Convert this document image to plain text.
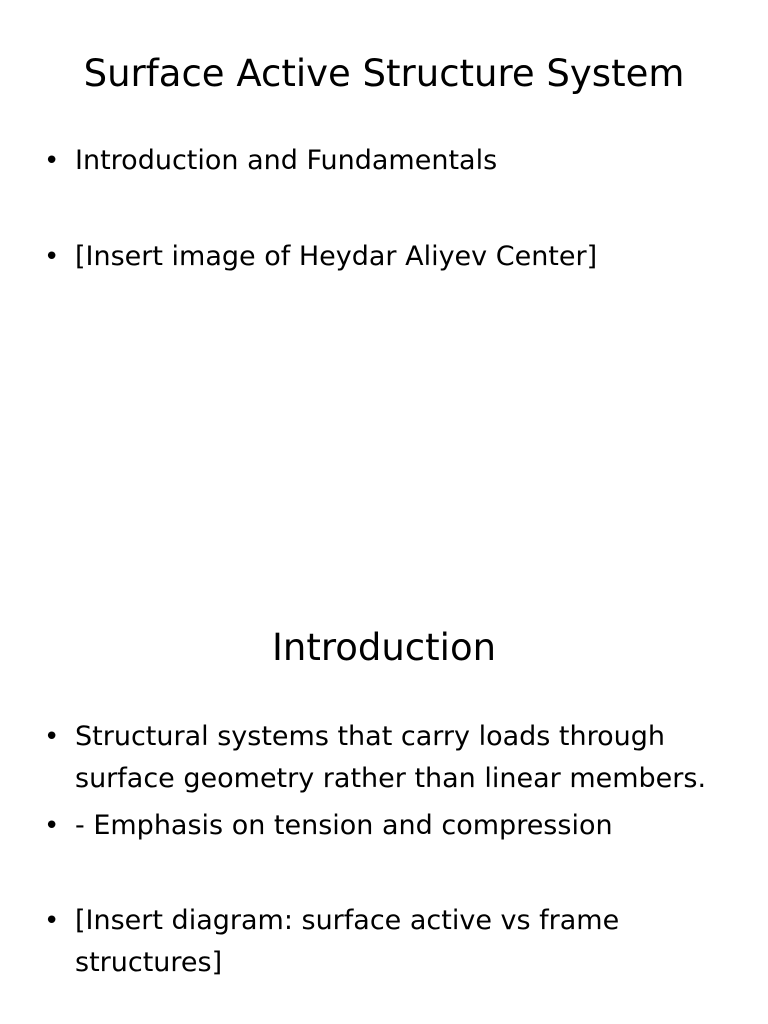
Surface Active Structure System
• Introduction and Fundamentals
• [Insert image of Heydar Aliyev Center]
Introduction
• Structural systems that carry loads through surface geometry rather than linear members.
• - Emphasis on tension and compression
• [Insert diagram: surface active vs frame structures]
